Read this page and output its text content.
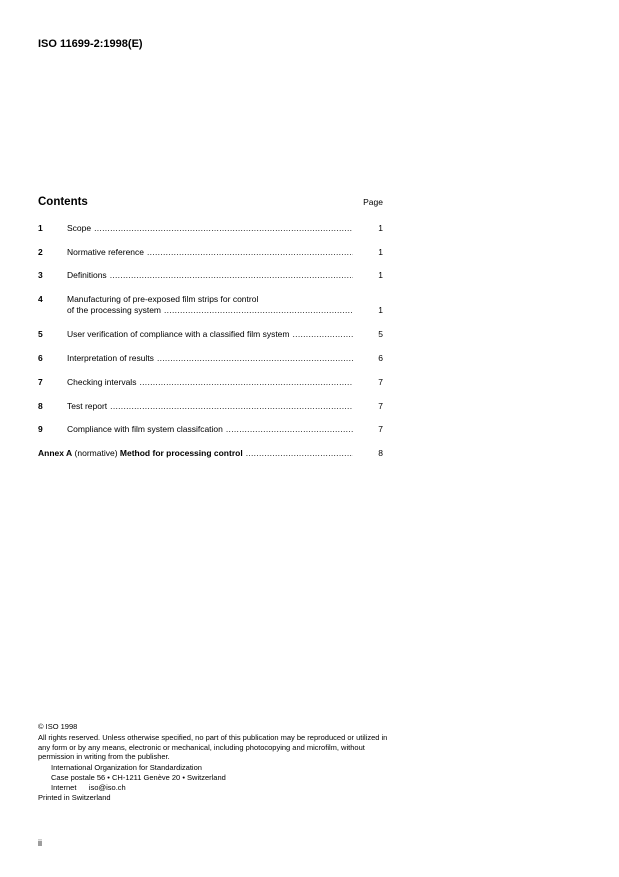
ISO 11699-2:1998(E)
Contents	Page
1	Scope .....	1
2	Normative reference .....	1
3	Definitions .....	1
4	Manufacturing of pre-exposed film strips for control
of the processing system .....	1
5	User verification of compliance with a classified film system .....	5
6	Interpretation of results .....	6
7	Checking intervals .....	7
8	Test report .....	7
9	Compliance with film system classifcation .....	7
Annex A
(normative)
Method for processing control .....	8

© ISO 1998

All rights reserved. Unless otherwise specified, no part of this publication may be reproduced or utilized in any form or by any means, electronic or mechanical, including photocopying and microfilm, without permission in writing from the publisher.

International Organization for Standardization

Case postale 56 • CH-1211 Genève 20 • Switzerland

Internet      iso@iso.ch

Printed in Switzerland

ii
